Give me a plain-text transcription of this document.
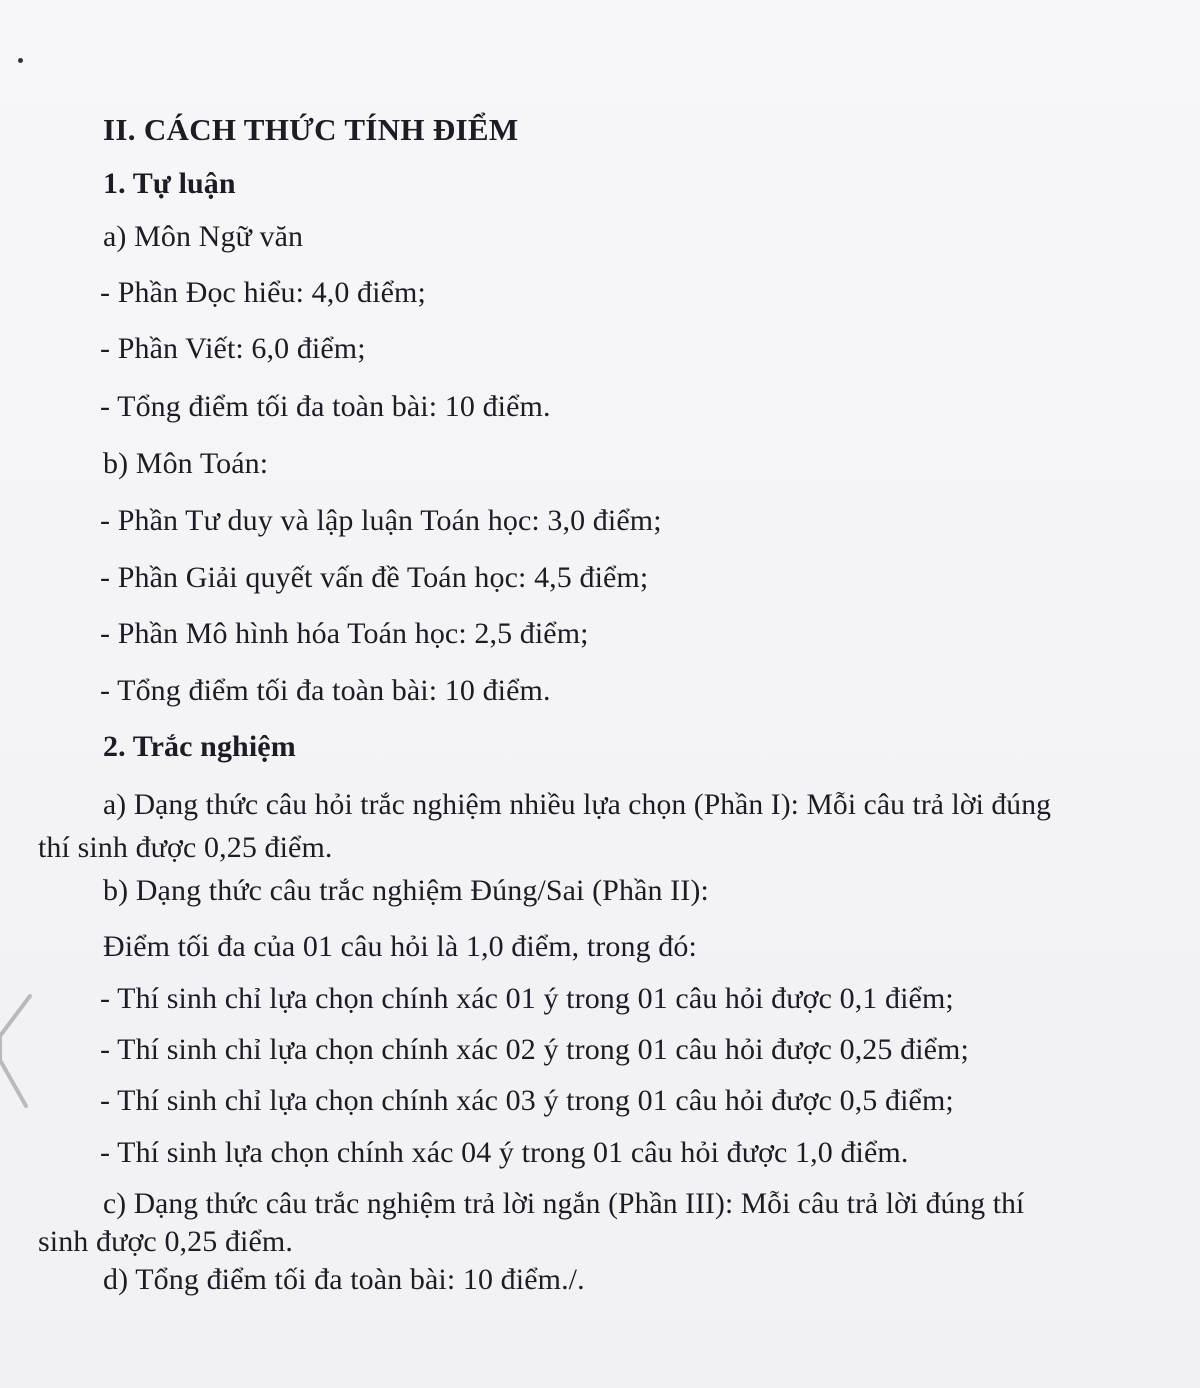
II. CÁCH THỨC TÍNH ĐIỂM
1. Tự luận
a) Môn Ngữ văn
- Phần Đọc hiểu: 4,0 điểm;
- Phần Viết: 6,0 điểm;
- Tổng điểm tối đa toàn bài: 10 điểm.
b) Môn Toán:
- Phần Tư duy và lập luận Toán học: 3,0 điểm;
- Phần Giải quyết vấn đề Toán học: 4,5 điểm;
- Phần Mô hình hóa Toán học: 2,5 điểm;
- Tổng điểm tối đa toàn bài: 10 điểm.
2. Trắc nghiệm
a) Dạng thức câu hỏi trắc nghiệm nhiều lựa chọn (Phần I): Mỗi câu trả lời đúng
thí sinh được 0,25 điểm.
b) Dạng thức câu trắc nghiệm Đúng/Sai (Phần II):
Điểm tối đa của 01 câu hỏi là 1,0 điểm, trong đó:
- Thí sinh chỉ lựa chọn chính xác 01 ý trong 01 câu hỏi được 0,1 điểm;
- Thí sinh chỉ lựa chọn chính xác 02 ý trong 01 câu hỏi được 0,25 điểm;
- Thí sinh chỉ lựa chọn chính xác 03 ý trong 01 câu hỏi được 0,5 điểm;
- Thí sinh lựa chọn chính xác 04 ý trong 01 câu hỏi được 1,0 điểm.
c) Dạng thức câu trắc nghiệm trả lời ngắn (Phần III): Mỗi câu trả lời đúng thí
sinh được 0,25 điểm.
d) Tổng điểm tối đa toàn bài: 10 điểm./.
